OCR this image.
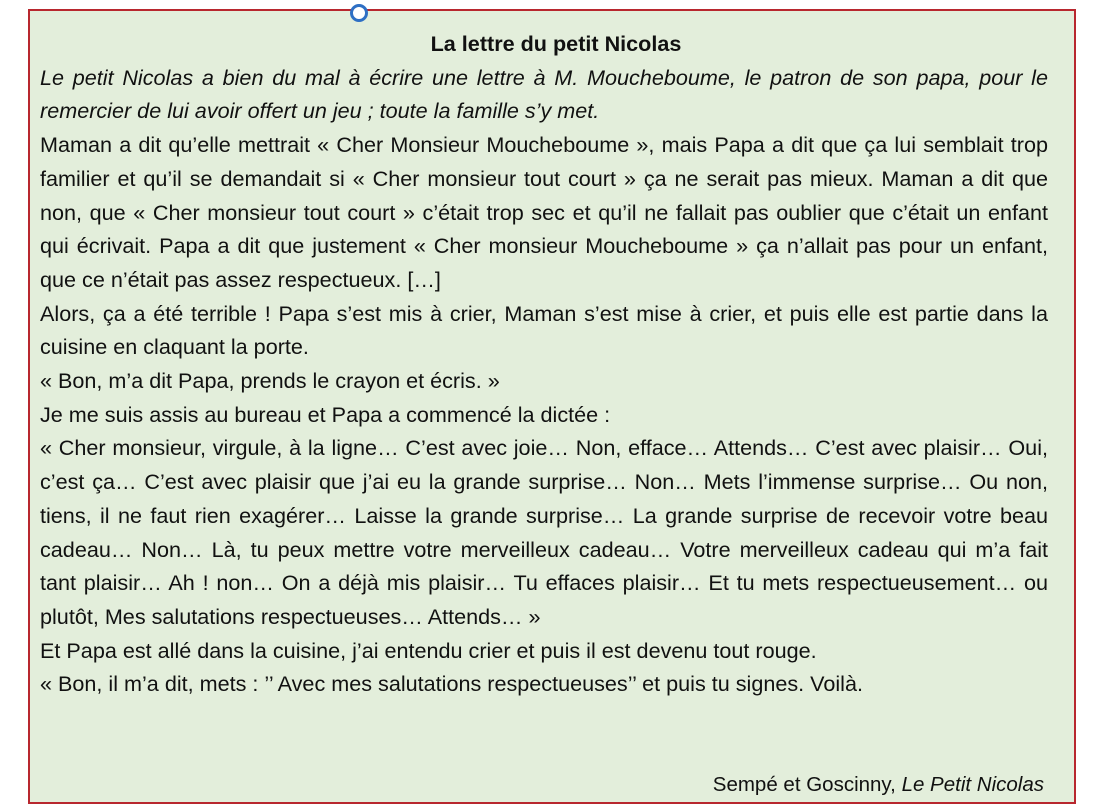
La lettre du petit Nicolas

Le petit Nicolas a bien du mal à écrire une lettre à M. Moucheboume, le patron de son papa, pour le remercier de lui avoir offert un jeu ; toute la famille s’y met.

Maman a dit qu’elle mettrait « Cher Monsieur Moucheboume », mais Papa a dit que ça lui semblait trop familier et qu’il se demandait si « Cher monsieur tout court » ça ne serait pas mieux. Maman a dit que non, que « Cher monsieur tout court » c’était trop sec et qu’il ne fallait pas oublier que c’était un enfant qui écrivait. Papa a dit que justement « Cher monsieur Moucheboume » ça n’allait pas pour un enfant, que ce n’était pas assez respectueux. […]

Alors, ça a été terrible ! Papa s’est mis à crier, Maman s’est mise à crier, et puis elle est partie dans la cuisine en claquant la porte.

« Bon, m’a dit Papa, prends le crayon et écris. »

Je me suis assis au bureau et Papa a commencé la dictée :

« Cher monsieur, virgule, à la ligne… C’est avec joie… Non, efface… Attends… C’est avec plaisir… Oui, c’est ça… C’est avec plaisir que j’ai eu la grande surprise… Non… Mets l’immense surprise… Ou non, tiens, il ne faut rien exagérer… Laisse la grande surprise… La grande surprise de recevoir votre beau cadeau… Non… Là, tu peux mettre votre merveilleux cadeau… Votre merveilleux cadeau qui m’a fait tant plaisir… Ah ! non… On a déjà mis plaisir… Tu effaces plaisir… Et tu mets respectueusement… ou plutôt, Mes salutations respectueuses… Attends… »

Et Papa est allé dans la cuisine, j’ai entendu crier et puis il est devenu tout rouge.

« Bon, il m’a dit, mets : ’’ Avec mes salutations respectueuses’’ et puis tu signes. Voilà.

Sempé et Goscinny, Le Petit Nicolas
